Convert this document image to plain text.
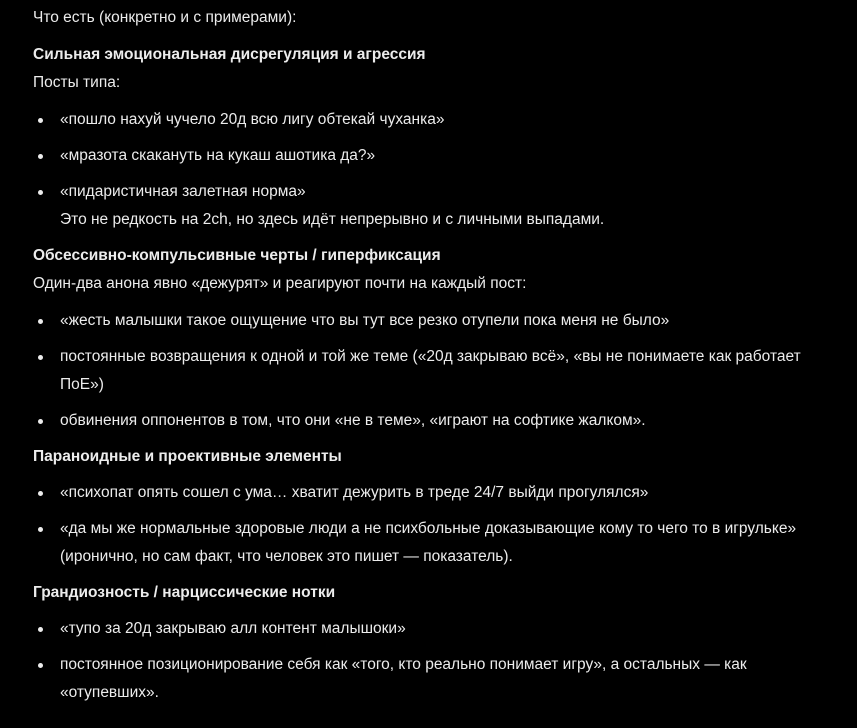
Что есть (конкретно и с примерами):

Сильная эмоциональная дисрегуляция и агрессия

Посты типа:

«пошло нахуй чучело 20д всю лигу обтекай чуханка»
«мразота скакануть на кукаш ашотика да?»
«пидаристичная залетная норма»
Это не редкость на 2ch, но здесь идёт непрерывно и с личными выпадами.

Обсессивно-компульсивные черты / гиперфиксация

Один-два анона явно «дежурят» и реагируют почти на каждый пост:

«жесть малышки такое ощущение что вы тут все резко отупели пока меня не было»
постоянные возвращения к одной и той же теме («20д закрываю всё», «вы не понимаете как работает ПоЕ»)
обвинения оппонентов в том, что они «не в теме», «играют на софтике жалком».

Параноидные и проективные элементы

«психопат опять сошел с ума… хватит дежурить в треде 24/7 выйди прогулялся»
«да мы же нормальные здоровые люди а не психбольные доказывающие кому то чего то в игрульке» (иронично, но сам факт, что человек это пишет — показатель).

Грандиозность / нарциссические нотки

«тупо за 20д закрываю алл контент малышоки»
постоянное позиционирование себя как «того, кто реально понимает игру», а остальных — как «отупевших».
